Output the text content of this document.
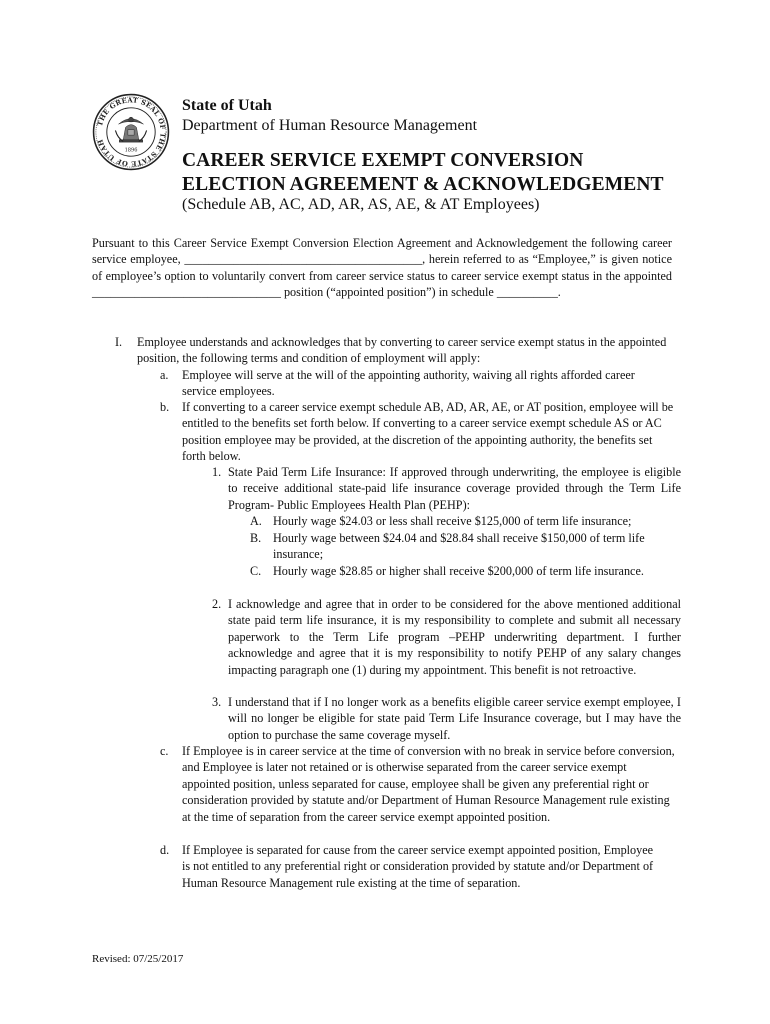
THE GREAT SEAL OF THE STATE OF UTAH
1896
State of Utah
Department of Human Resource Management
CAREER SERVICE EXEMPT CONVERSION
ELECTION AGREEMENT & ACKNOWLEDGEMENT
(Schedule AB, AC, AD, AR, AS, AE, & AT Employees)
Pursuant to this Career Service Exempt Conversion Election Agreement and Acknowledgement the following career service employee, _______________________________________, herein referred to as “Employee,” is given notice of employee’s option to voluntarily convert from career service status to career service exempt status in the appointed _______________________________ position (“appointed position”) in schedule __________.
I. Employee understands and acknowledges that by converting to career service exempt status in the appointed position, the following terms and condition of employment will apply:
a. Employee will serve at the will of the appointing authority, waiving all rights afforded career service employees.
b. If converting to a career service exempt schedule AB, AD, AR, AE, or AT position, employee will be entitled to the benefits set forth below. If converting to a career service exempt schedule AS or AC position employee may be provided, at the discretion of the appointing authority, the benefits set forth below.
1. State Paid Term Life Insurance: If approved through underwriting, the employee is eligible to receive additional state-paid life insurance coverage provided through the Term Life Program- Public Employees Health Plan (PEHP):
A. Hourly wage $24.03 or less shall receive $125,000 of term life insurance;
B. Hourly wage between $24.04 and $28.84 shall receive $150,000 of term life insurance;
C. Hourly wage $28.85 or higher shall receive $200,000 of term life insurance.
2. I acknowledge and agree that in order to be considered for the above mentioned additional state paid term life insurance, it is my responsibility to complete and submit all necessary paperwork to the Term Life program –PEHP underwriting department. I further acknowledge and agree that it is my responsibility to notify PEHP of any salary changes impacting paragraph one (1) during my appointment. This benefit is not retroactive.
3. I understand that if I no longer work as a benefits eligible career service exempt employee, I will no longer be eligible for state paid Term Life Insurance coverage, but I may have the option to purchase the same coverage myself.
c. If Employee is in career service at the time of conversion with no break in service before conversion, and Employee is later not retained or is otherwise separated from the career service exempt appointed position, unless separated for cause, employee shall be given any preferential right or consideration provided by statute and/or Department of Human Resource Management rule existing at the time of separation from the career service exempt appointed position.
d. If Employee is separated for cause from the career service exempt appointed position, Employee is not entitled to any preferential right or consideration provided by statute and/or Department of Human Resource Management rule existing at the time of separation.
Revised: 07/25/2017
